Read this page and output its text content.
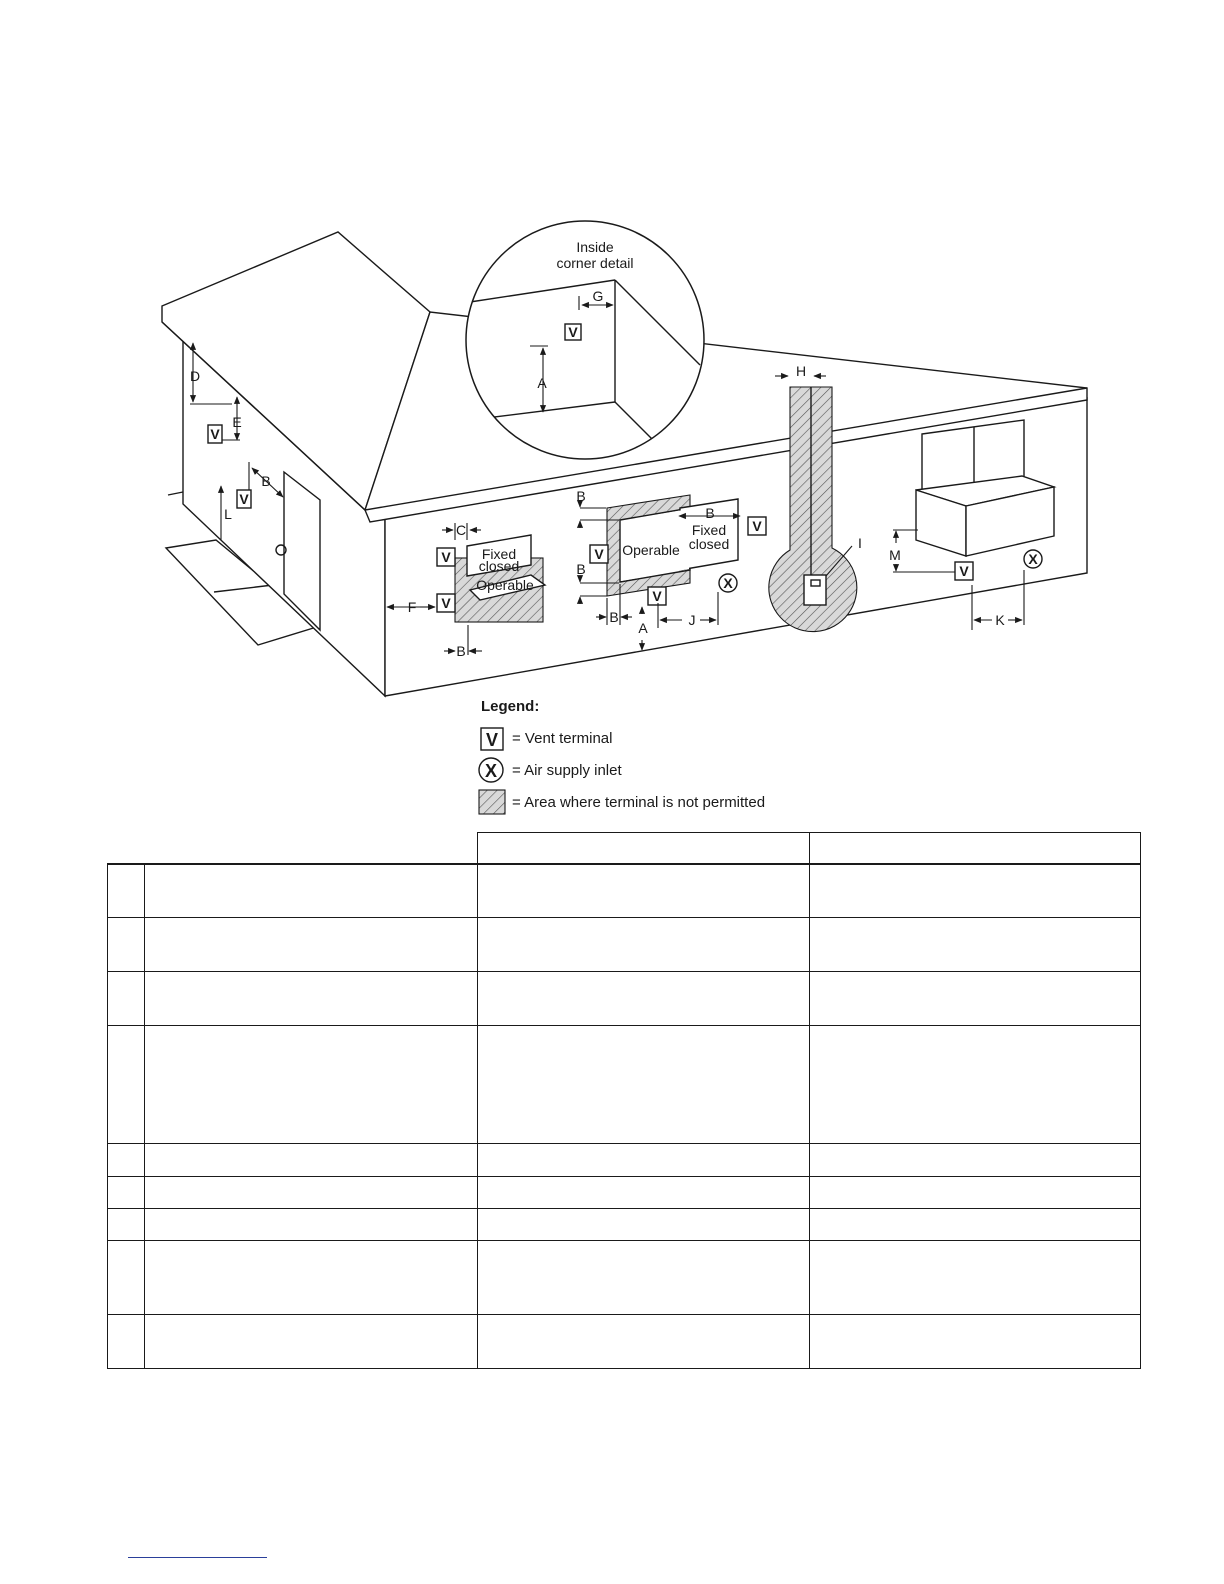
Inside
corner detail
G
V
A
D
E
V
V
B
L
Fixed
closed
Operable
C
V
V
F
B
Operable
Fixed
closed
B
V
B
B
V
V
B
A	J
X
H
I
M
V
X
K
Legend:
V = Vent terminal
X = Air supply inlet
= Area where terminal is not permitted
